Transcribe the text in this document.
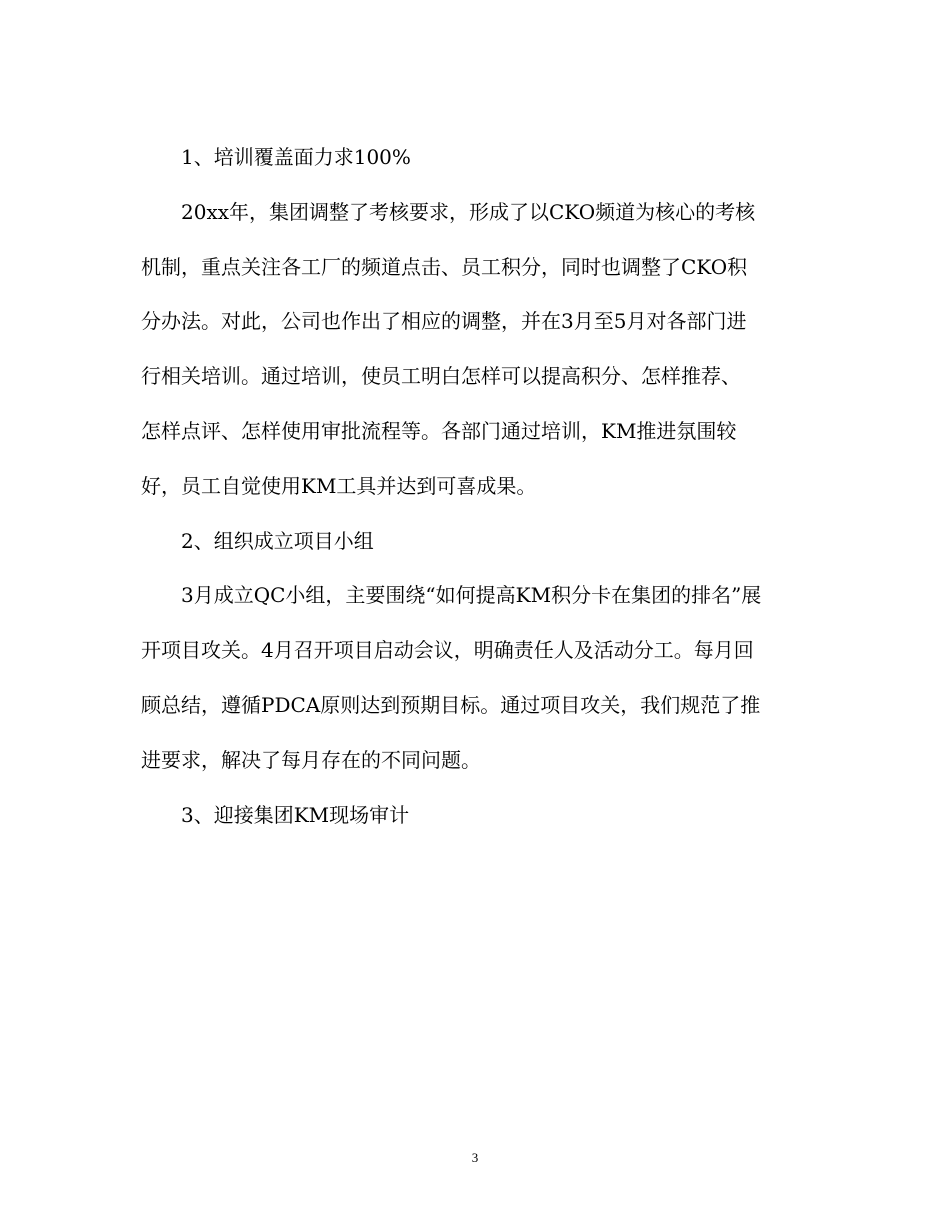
1、培训覆盖面力求100%
20xx年，集团调整了考核要求，形成了以CKO频道为核心的考核
机制，重点关注各工厂的频道点击、员工积分，同时也调整了CKO积
分办法。对此，公司也作出了相应的调整，并在3月至5月对各部门进
行相关培训。通过培训，使员工明白怎样可以提高积分、怎样推荐、
怎样点评、怎样使用审批流程等。各部门通过培训，KM推进氛围较
好，员工自觉使用KM工具并达到可喜成果。
2、组织成立项目小组
3月成立QC小组，主要围绕“如何提高KM积分卡在集团的排名”展
开项目攻关。4月召开项目启动会议，明确责任人及活动分工。每月回
顾总结，遵循PDCA原则达到预期目标。通过项目攻关，我们规范了推
进要求，解决了每月存在的不同问题。
3、迎接集团KM现场审计
3
